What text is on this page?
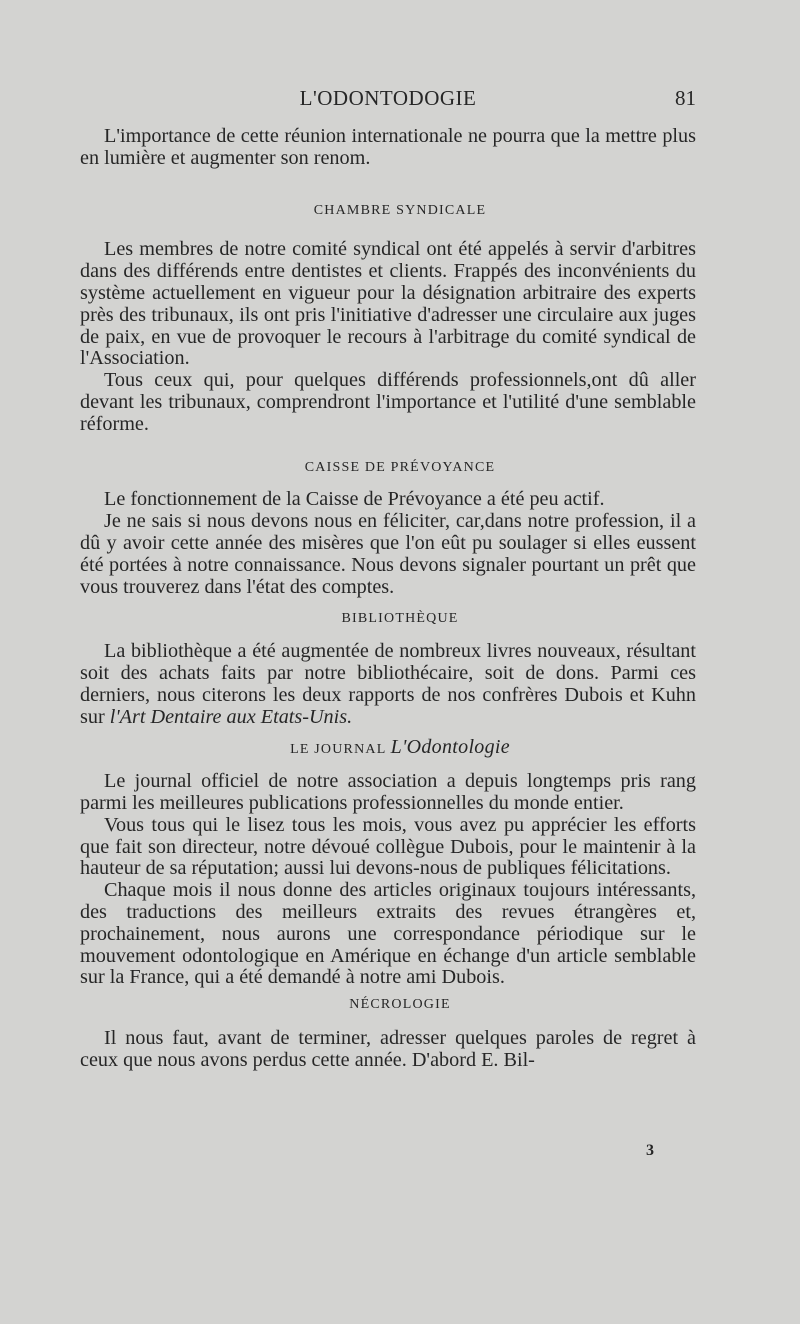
L'ODONTODOGIE	81

L'importance de cette réunion internationale ne pourra que la mettre plus en lumière et augmenter son renom.

CHAMBRE SYNDICALE

Les membres de notre comité syndical ont été appelés à servir d'arbitres dans des différends entre dentistes et clients. Frappés des inconvénients du système actuellement en vigueur pour la désignation arbitraire des experts près des tribunaux, ils ont pris l'initiative d'adresser une circulaire aux juges de paix, en vue de provoquer le recours à l'arbitrage du comité syndical de l'Association.

Tous ceux qui, pour quelques différends professionnels,ont dû aller devant les tribunaux, comprendront l'importance et l'utilité d'une semblable réforme.

CAISSE DE PRÉVOYANCE

Le fonctionnement de la Caisse de Prévoyance a été peu actif.

Je ne sais si nous devons nous en féliciter, car,dans notre profession, il a dû y avoir cette année des misères que l'on eût pu soulager si elles eussent été portées à notre connaissance. Nous devons signaler pourtant un prêt que vous trouverez dans l'état des comptes.

BIBLIOTHÈQUE

La bibliothèque a été augmentée de nombreux livres nouveaux, résultant soit des achats faits par notre bibliothécaire, soit de dons. Parmi ces derniers, nous citerons les deux rapports de nos confrères Dubois et Kuhn sur l'Art Dentaire aux Etats-Unis.

LE JOURNAL L'Odontologie

Le journal officiel de notre association a depuis longtemps pris rang parmi les meilleures publications professionnelles du monde entier.

Vous tous qui le lisez tous les mois, vous avez pu apprécier les efforts que fait son directeur, notre dévoué collègue Dubois, pour le maintenir à la hauteur de sa réputation; aussi lui devons-nous de publiques félicitations.

Chaque mois il nous donne des articles originaux toujours intéressants, des traductions des meilleurs extraits des revues étrangères et, prochainement, nous aurons une correspondance périodique sur le mouvement odontologique en Amérique en échange d'un article semblable sur la France, qui a été demandé à notre ami Dubois.

NÉCROLOGIE

Il nous faut, avant de terminer, adresser quelques paroles de regret à ceux que nous avons perdus cette année. D'abord E. Bil-

3
